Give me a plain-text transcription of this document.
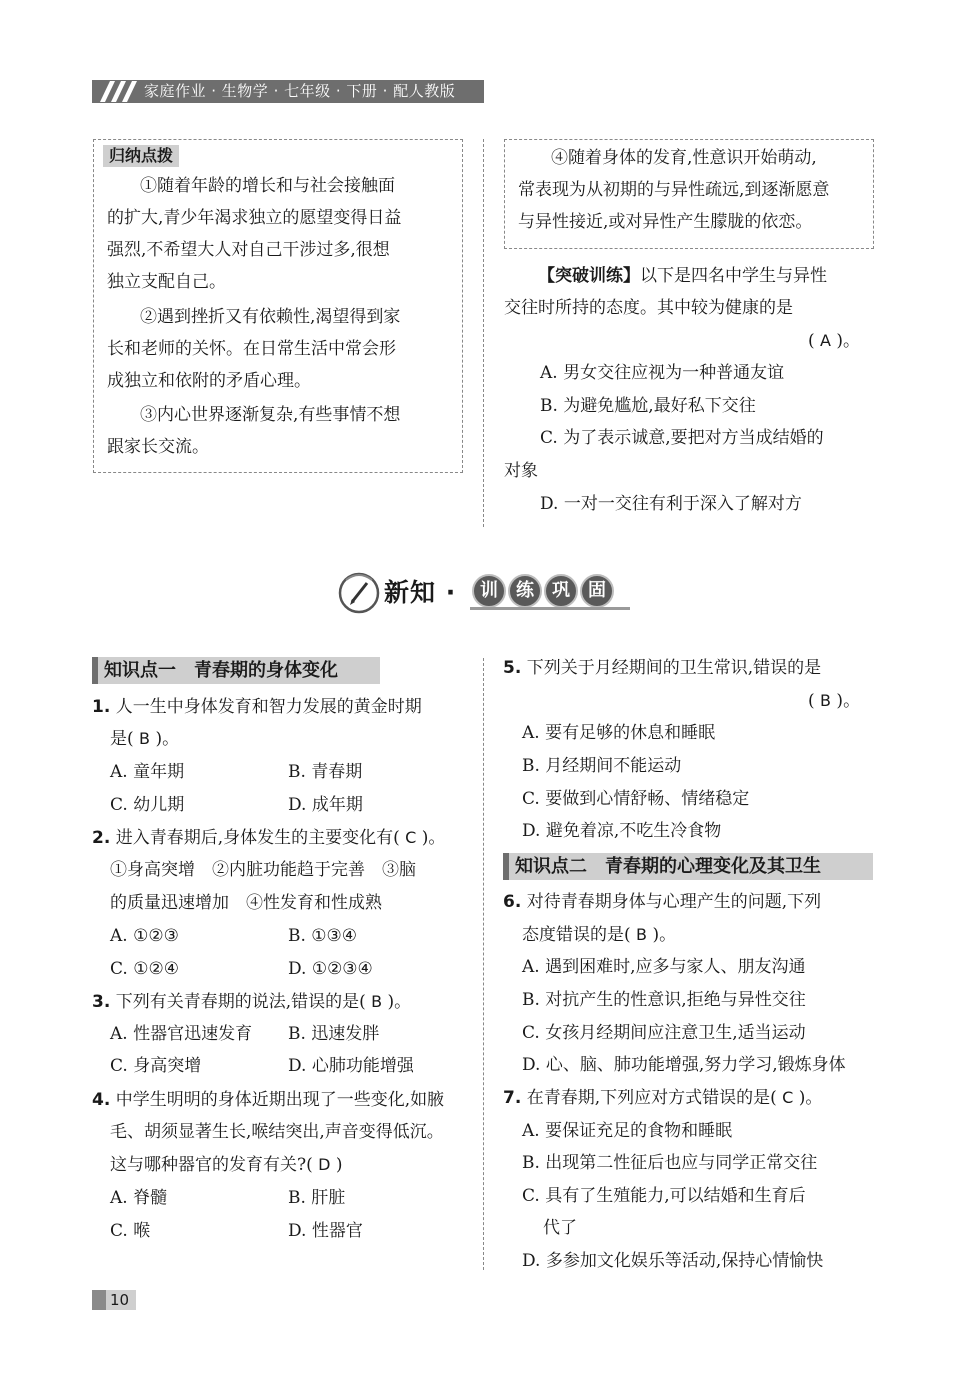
家庭作业 · 生物学 · 七年级 · 下册 · 配人教版
归纳点拨
①随着年龄的增长和与社会接触面
的扩大,青少年渴求独立的愿望变得日益
强烈,不希望大人对自己干涉过多,很想
独立支配自己。
②遇到挫折又有依赖性,渴望得到家
长和老师的关怀。在日常生活中常会形
成独立和依附的矛盾心理。
③内心世界逐渐复杂,有些事情不想
跟家长交流。
④随着身体的发育,性意识开始萌动,
常表现为从初期的与异性疏远,到逐渐愿意
与异性接近,或对异性产生朦胧的依恋。
【突破训练】以下是四名中学生与异性
交往时所持的态度。其中较为健康的是
( A )。
A. 男女交往应视为一种普通友谊
B. 为避免尴尬,最好私下交往
C. 为了表示诚意,要把对方当成结婚的
对象
D. 一对一交往有利于深入了解对方
新知 ·	训 练 巩 固
知识点一　青春期的身体变化
1. 人一生中身体发育和智力发展的黄金时期
是( B )。
A. 童年期	B. 青春期
C. 幼儿期	D. 成年期
2. 进入青春期后,身体发生的主要变化有( C )。
①身高突增　②内脏功能趋于完善　③脑
的质量迅速增加　④性发育和性成熟
A. ①②③	B. ①③④
C. ①②④	D. ①②③④
3. 下列有关青春期的说法,错误的是( B )。
A. 性器官迅速发育 B. 迅速发胖
C. 身高突增	D. 心肺功能增强
4. 中学生明明的身体近期出现了一些变化,如腋
毛、胡须显著生长,喉结突出,声音变得低沉。
这与哪种器官的发育有关?( D )
A. 脊髓	B. 肝脏
C. 喉	D. 性器官
5. 下列关于月经期间的卫生常识,错误的是
( B )。
A. 要有足够的休息和睡眠
B. 月经期间不能运动
C. 要做到心情舒畅、情绪稳定
D. 避免着凉,不吃生冷食物
知识点二　青春期的心理变化及其卫生
6. 对待青春期身体与心理产生的问题,下列
态度错误的是( B )。
A. 遇到困难时,应多与家人、朋友沟通
B. 对抗产生的性意识,拒绝与异性交往
C. 女孩月经期间应注意卫生,适当运动
D. 心、脑、肺功能增强,努力学习,锻炼身体
7. 在青春期,下列应对方式错误的是( C )。
A. 要保证充足的食物和睡眠
B. 出现第二性征后也应与同学正常交往
C. 具有了生殖能力,可以结婚和生育后
代了
D. 多参加文化娱乐等活动,保持心情愉快
10
